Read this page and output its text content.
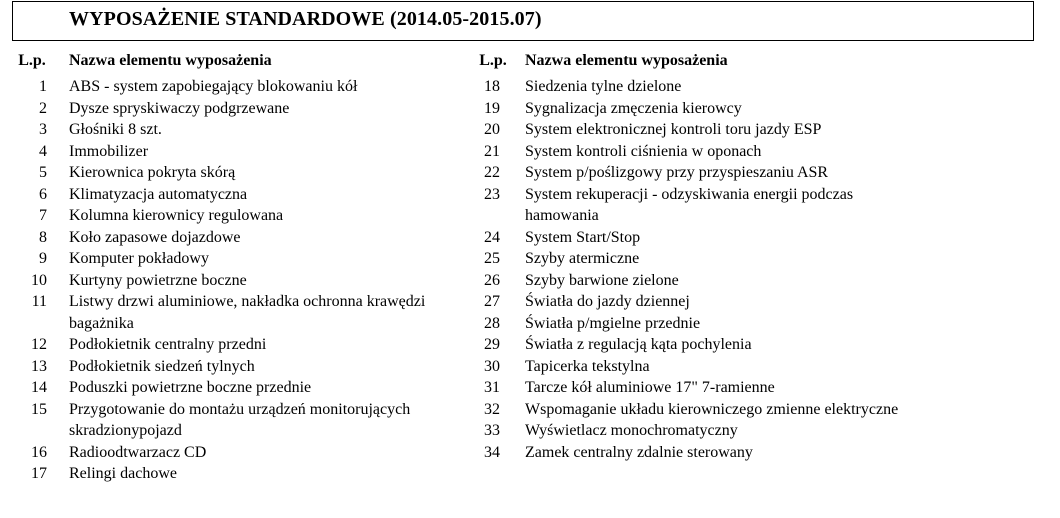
WYPOSAŻENIE STANDARDOWE (2014.05-2015.07)
L.p.	Nazwa elementu wyposażenia
1 ABS - system zapobiegający blokowaniu kół
2 Dysze spryskiwaczy podgrzewane
3 Głośniki 8 szt.
4 Immobilizer
5 Kierownica pokryta skórą
6 Klimatyzacja automatyczna
7 Kolumna kierownicy regulowana
8 Koło zapasowe dojazdowe
9 Komputer pokładowy
10 Kurtyny powietrzne boczne
11 Listwy drzwi aluminiowe, nakładka ochronna krawędzi bagażnika
12 Podłokietnik centralny przedni
13 Podłokietnik siedzeń tylnych
14 Poduszki powietrzne boczne przednie
15 Przygotowanie do montażu urządzeń monitorujących skradzionypojazd
16 Radioodtwarzacz CD
17 Relingi dachowe
L.p.	Nazwa elementu wyposażenia
18 Siedzenia tylne dzielone
19 Sygnalizacja zmęczenia kierowcy
20 System elektronicznej kontroli toru jazdy ESP
21 System kontroli ciśnienia w oponach
22 System p/poślizgowy przy przyspieszaniu ASR
23 System rekuperacji - odzyskiwania energii podczas hamowania
24 System Start/Stop
25 Szyby atermiczne
26 Szyby barwione zielone
27 Światła do jazdy dziennej
28 Światła p/mgielne przednie
29 Światła z regulacją kąta pochylenia
30 Tapicerka tekstylna
31 Tarcze kół aluminiowe 17" 7-ramienne
32 Wspomaganie układu kierowniczego zmienne elektryczne
33 Wyświetlacz monochromatyczny
34 Zamek centralny zdalnie sterowany
